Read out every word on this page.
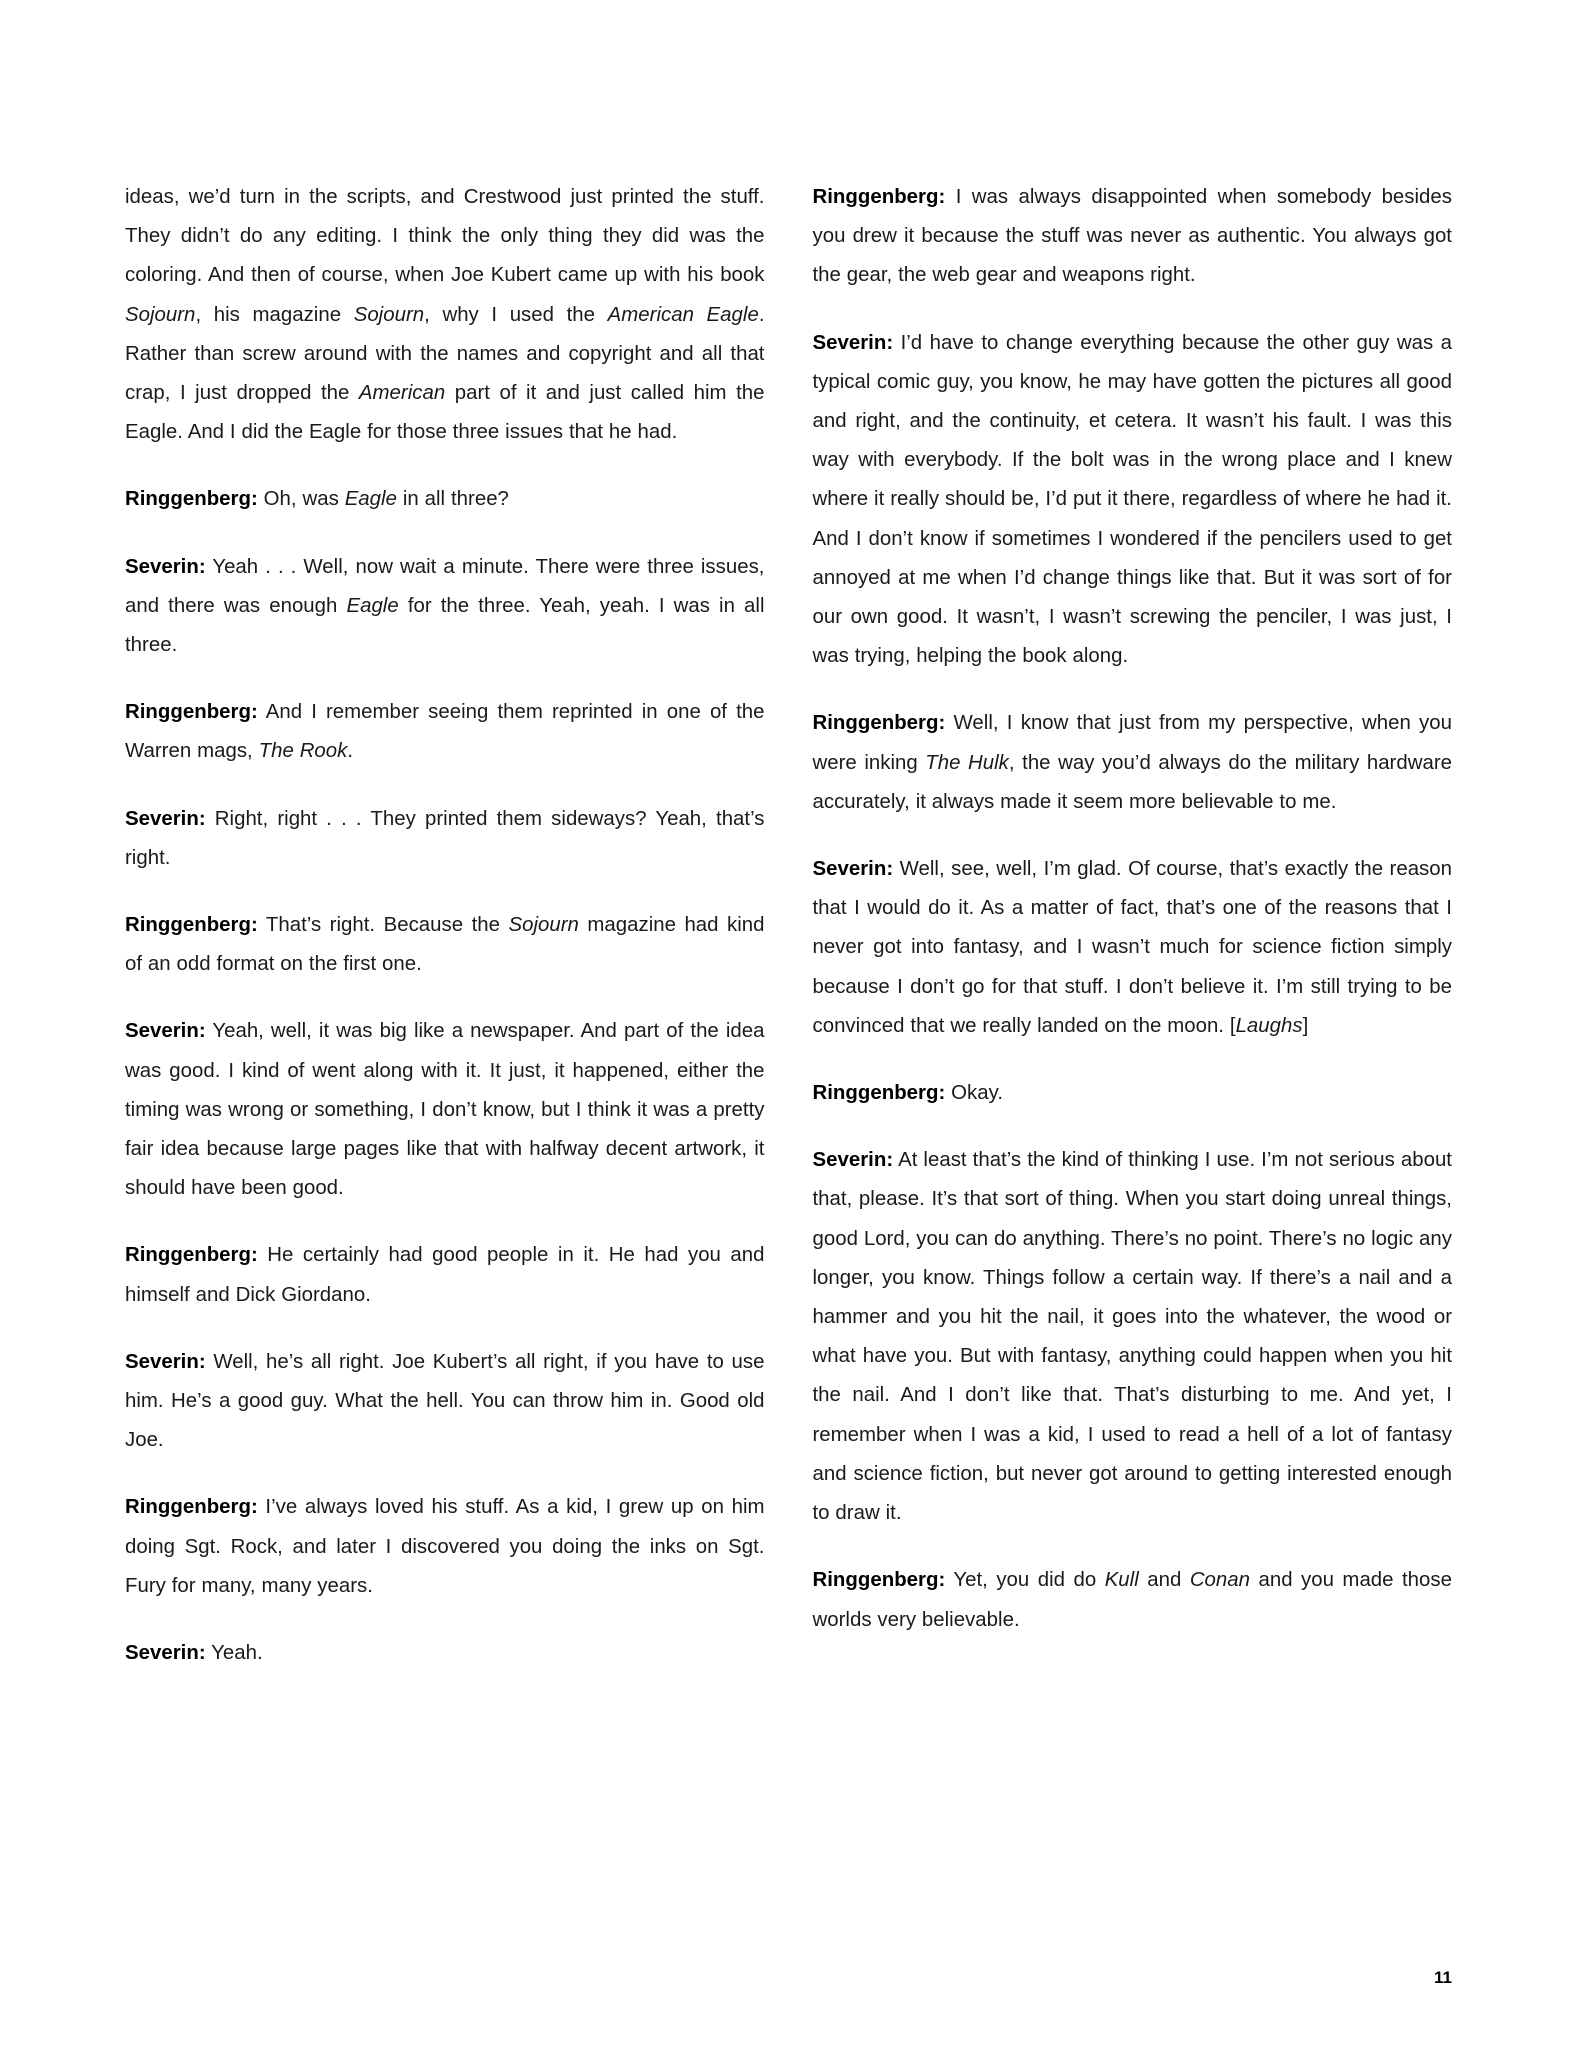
ideas, we’d turn in the scripts, and Crestwood just printed the stuff. They didn’t do any editing. I think the only thing they did was the coloring. And then of course, when Joe Kubert came up with his book Sojourn, his magazine Sojourn, why I used the American Eagle. Rather than screw around with the names and copyright and all that crap, I just dropped the American part of it and just called him the Eagle. And I did the Eagle for those three issues that he had.

Ringgenberg: Oh, was Eagle in all three?

Severin: Yeah . . . Well, now wait a minute. There were three issues, and there was enough Eagle for the three. Yeah, yeah. I was in all three.

Ringgenberg: And I remember seeing them reprinted in one of the Warren mags, The Rook.

Severin: Right, right . . . They printed them sideways? Yeah, that’s right.

Ringgenberg: That’s right. Because the Sojourn magazine had kind of an odd format on the first one.

Severin: Yeah, well, it was big like a newspaper. And part of the idea was good. I kind of went along with it. It just, it happened, either the timing was wrong or something, I don’t know, but I think it was a pretty fair idea because large pages like that with halfway decent artwork, it should have been good.

Ringgenberg: He certainly had good people in it. He had you and himself and Dick Giordano.

Severin: Well, he’s all right. Joe Kubert’s all right, if you have to use him. He’s a good guy. What the hell. You can throw him in. Good old Joe.

Ringgenberg: I’ve always loved his stuff. As a kid, I grew up on him doing Sgt. Rock, and later I discovered you doing the inks on Sgt. Fury for many, many years.

Severin: Yeah.

Ringgenberg: I was always disappointed when somebody besides you drew it because the stuff was never as authentic. You always got the gear, the web gear and weapons right.

Severin: I’d have to change everything because the other guy was a typical comic guy, you know, he may have gotten the pictures all good and right, and the continuity, et cetera. It wasn’t his fault. I was this way with everybody. If the bolt was in the wrong place and I knew where it really should be, I’d put it there, regardless of where he had it. And I don’t know if sometimes I wondered if the pencilers used to get annoyed at me when I’d change things like that. But it was sort of for our own good. It wasn’t, I wasn’t screwing the penciler, I was just, I was trying, helping the book along.

Ringgenberg: Well, I know that just from my perspective, when you were inking The Hulk, the way you’d always do the military hardware accurately, it always made it seem more believable to me.

Severin: Well, see, well, I’m glad. Of course, that’s exactly the reason that I would do it. As a matter of fact, that’s one of the reasons that I never got into fantasy, and I wasn’t much for science fiction simply because I don’t go for that stuff. I don’t believe it. I’m still trying to be convinced that we really landed on the moon. [Laughs]

Ringgenberg: Okay.

Severin: At least that’s the kind of thinking I use. I’m not serious about that, please. It’s that sort of thing. When you start doing unreal things, good Lord, you can do anything. There’s no point. There’s no logic any longer, you know. Things follow a certain way. If there’s a nail and a hammer and you hit the nail, it goes into the whatever, the wood or what have you. But with fantasy, anything could happen when you hit the nail. And I don’t like that. That’s disturbing to me. And yet, I remember when I was a kid, I used to read a hell of a lot of fantasy and science fiction, but never got around to getting interested enough to draw it.

Ringgenberg: Yet, you did do Kull and Conan and you made those worlds very believable.

11
